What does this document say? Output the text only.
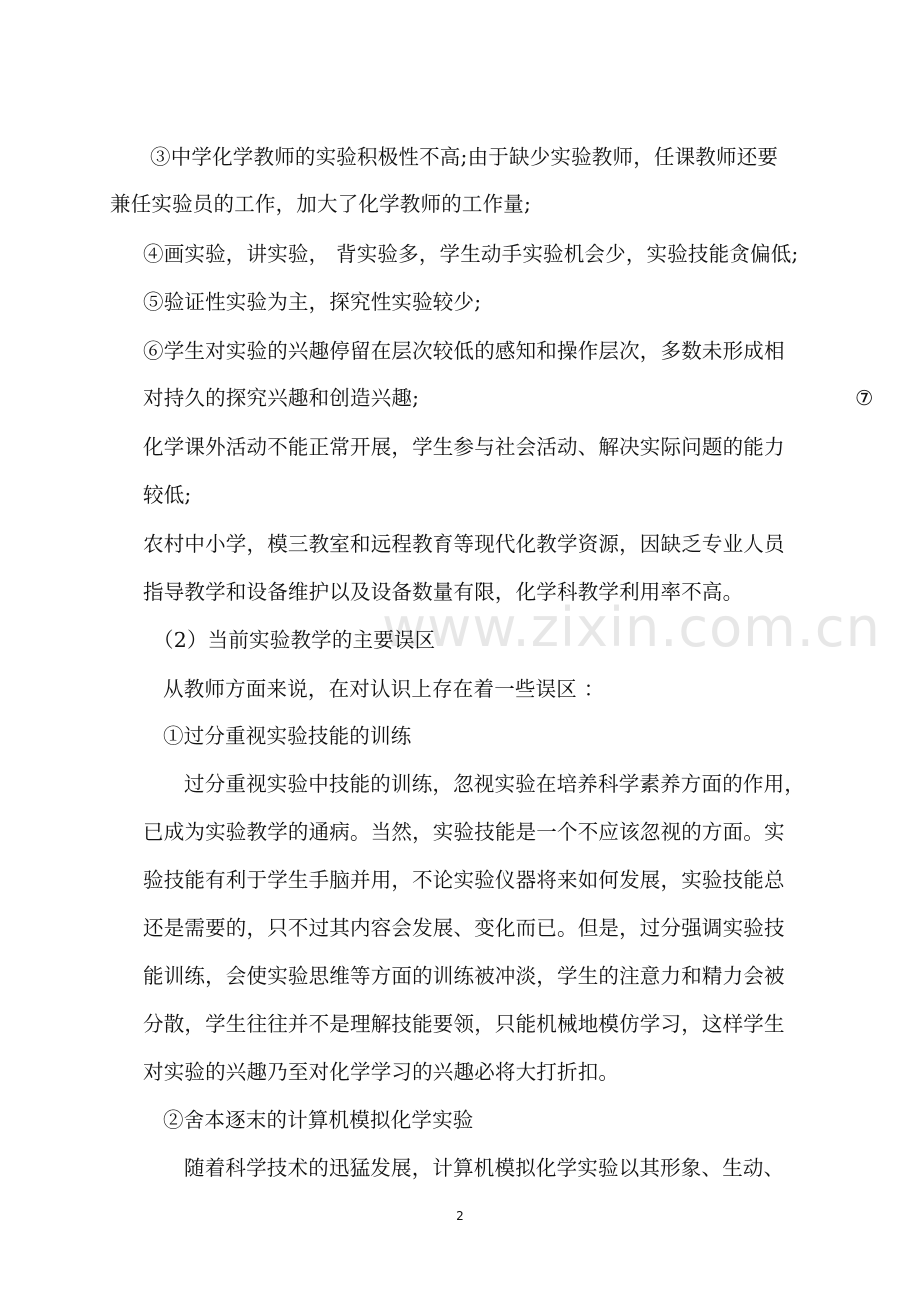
www.zixin.com.cn
③中学化学教师的实验积极性不高;由于缺少实验教师，任课教师还要
兼任实验员的工作，加大了化学教师的工作量;
④画实验，讲实验， 背实验多，学生动手实验机会少，实验技能贪偏低;
⑤验证性实验为主，探究性实验较少;
⑥学生对实验的兴趣停留在层次较低的感知和操作层次，多数未形成相
对持久的探究兴趣和创造兴趣;	⑦
化学课外活动不能正常开展，学生参与社会活动、解决实际问题的能力
较低;
农村中小学，模三教室和远程教育等现代化教学资源，因缺乏专业人员
指导教学和设备维护以及设备数量有限，化学科教学利用率不高。
（2）当前实验教学的主要误区
从教师方面来说，在对认识上存在着一些误区 ：
①过分重视实验技能的训练
过分重视实验中技能的训练，忽视实验在培养科学素养方面的作用，
已成为实验教学的通病。当然，实验技能是一个不应该忽视的方面。实
验技能有利于学生手脑并用，不论实验仪器将来如何发展，实验技能总
还是需要的，只不过其内容会发展、变化而已。但是，过分强调实验技
能训练，会使实验思维等方面的训练被冲淡，学生的注意力和精力会被
分散，学生往往并不是理解技能要领，只能机械地模仿学习，这样学生
对实验的兴趣乃至对化学学习的兴趣必将大打折扣。
②舍本逐末的计算机模拟化学实验
随着科学技术的迅猛发展，计算机模拟化学实验以其形象、生动、
2
